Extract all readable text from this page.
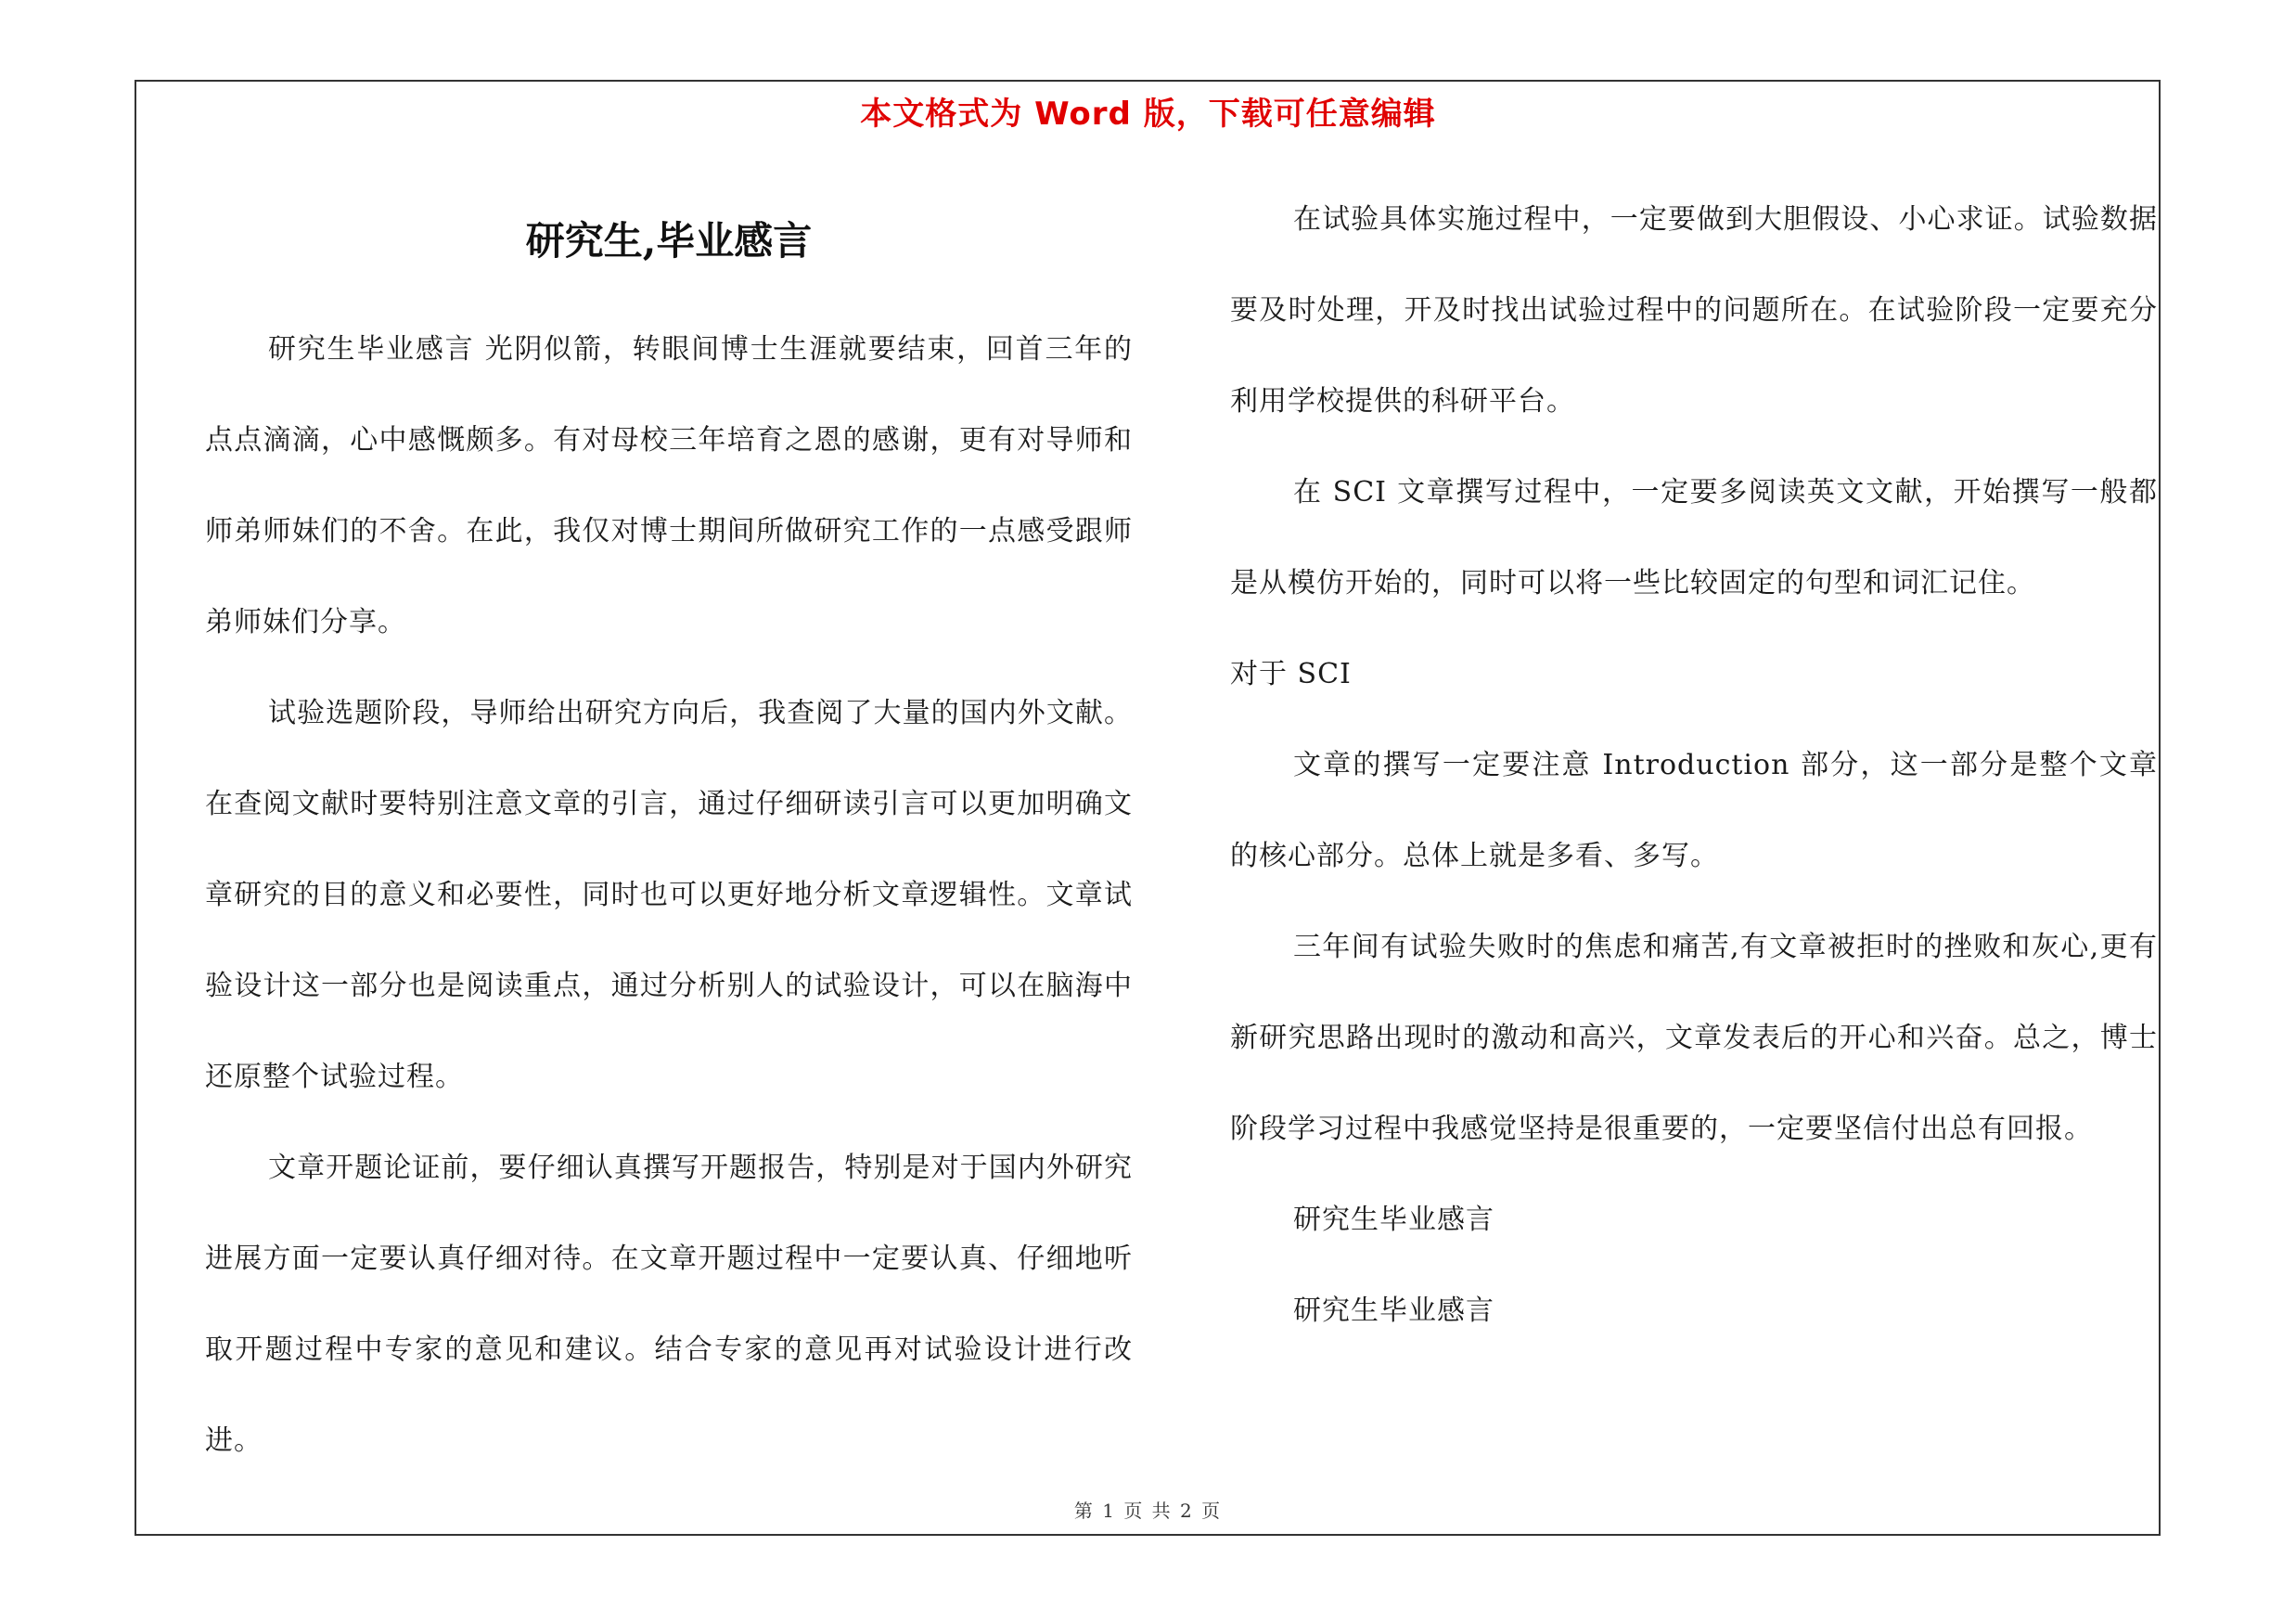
本文格式为 Word 版，下载可任意编辑
研究生,毕业感言

研究生毕业感言 光阴似箭，转眼间博士生涯就要结束，回首三年的点点滴滴，心中感慨颇多。有对母校三年培育之恩的感谢，更有对导师和师弟师妹们的不舍。在此，我仅对博士期间所做研究工作的一点感受跟师弟师妹们分享。

试验选题阶段，导师给出研究方向后，我查阅了大量的国内外文献。在查阅文献时要特别注意文章的引言，通过仔细研读引言可以更加明确文章研究的目的意义和必要性，同时也可以更好地分析文章逻辑性。文章试验设计这一部分也是阅读重点，通过分析别人的试验设计，可以在脑海中还原整个试验过程。

文章开题论证前，要仔细认真撰写开题报告，特别是对于国内外研究进展方面一定要认真仔细对待。在文章开题过程中一定要认真、仔细地听取开题过程中专家的意见和建议。结合专家的意见再对试验设计进行改进。

在试验具体实施过程中，一定要做到大胆假设、小心求证。试验数据要及时处理，开及时找出试验过程中的问题所在。在试验阶段一定要充分利用学校提供的科研平台。

在 SCI 文章撰写过程中，一定要多阅读英文文献，开始撰写一般都是从模仿开始的，同时可以将一些比较固定的句型和词汇记住。

对于 SCI

文章的撰写一定要注意 Introduction 部分，这一部分是整个文章的核心部分。总体上就是多看、多写。

三年间有试验失败时的焦虑和痛苦,有文章被拒时的挫败和灰心,更有新研究思路出现时的激动和高兴，文章发表后的开心和兴奋。总之，博士阶段学习过程中我感觉坚持是很重要的，一定要坚信付出总有回报。

研究生毕业感言

研究生毕业感言

第 1 页 共 2 页
